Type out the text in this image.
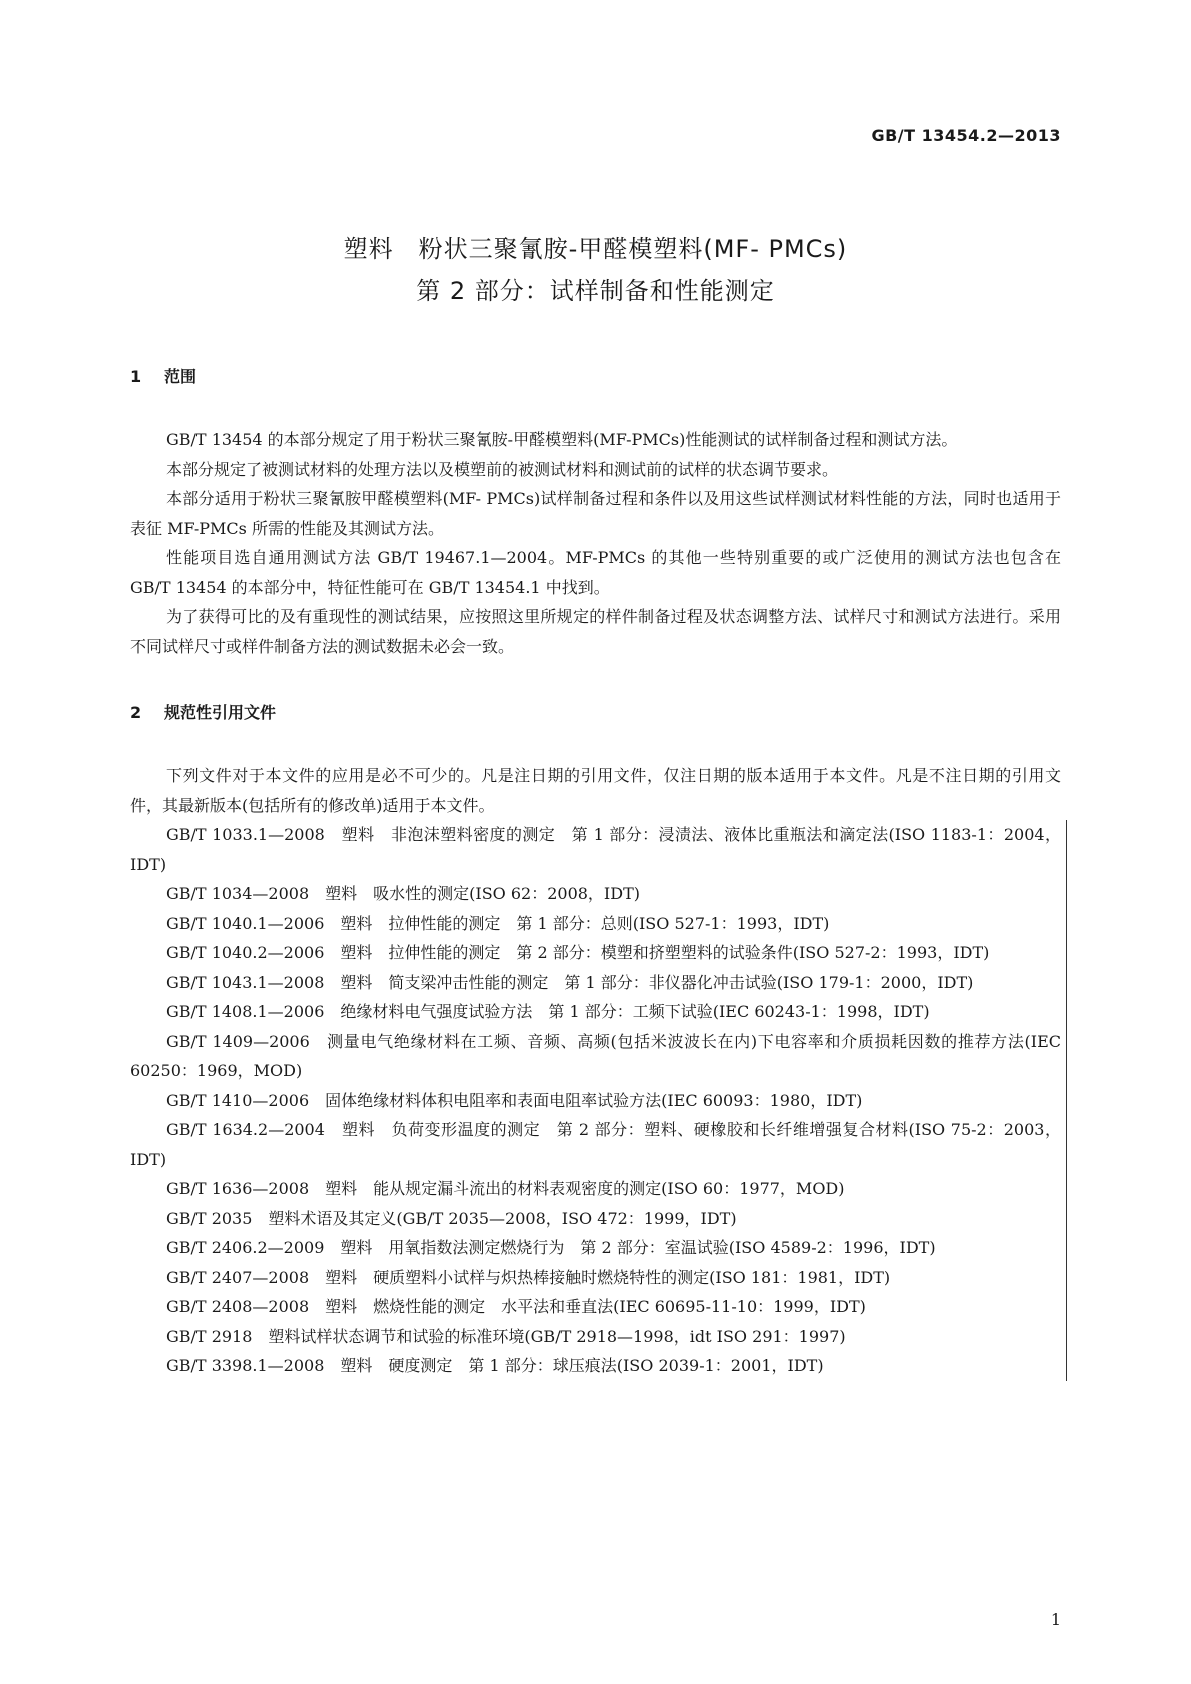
GB/T 13454.2—2013
塑料　粉状三聚氰胺-甲醛模塑料(MF- PMCs)
第 2 部分：试样制备和性能测定
1 范围

GB/T 13454 的本部分规定了用于粉状三聚氰胺-甲醛模塑料(MF-PMCs)性能测试的试样制备过程和测试方法。

本部分规定了被测试材料的处理方法以及模塑前的被测试材料和测试前的试样的状态调节要求。

本部分适用于粉状三聚氰胺甲醛模塑料(MF- PMCs)试样制备过程和条件以及用这些试样测试材料性能的方法，同时也适用于表征 MF-PMCs 所需的性能及其测试方法。

性能项目选自通用测试方法 GB/T 19467.1—2004。MF-PMCs 的其他一些特别重要的或广泛使用的测试方法也包含在 GB/T 13454 的本部分中，特征性能可在 GB/T 13454.1 中找到。

为了获得可比的及有重现性的测试结果，应按照这里所规定的样件制备过程及状态调整方法、试样尺寸和测试方法进行。采用不同试样尺寸或样件制备方法的测试数据未必会一致。

2 规范性引用文件

下列文件对于本文件的应用是必不可少的。凡是注日期的引用文件，仅注日期的版本适用于本文件。凡是不注日期的引用文件，其最新版本(包括所有的修改单)适用于本文件。

GB/T 1033.1—2008　塑料　非泡沫塑料密度的测定　第 1 部分：浸渍法、液体比重瓶法和滴定法(ISO 1183-1：2004，IDT)

GB/T 1034—2008　塑料　吸水性的测定(ISO 62：2008，IDT)

GB/T 1040.1—2006　塑料　拉伸性能的测定　第 1 部分：总则(ISO 527-1：1993，IDT)

GB/T 1040.2—2006　塑料　拉伸性能的测定　第 2 部分：模塑和挤塑塑料的试验条件(ISO 527-2：1993，IDT)

GB/T 1043.1—2008　塑料　简支梁冲击性能的测定　第 1 部分：非仪器化冲击试验(ISO 179-1：2000，IDT)

GB/T 1408.1—2006　绝缘材料电气强度试验方法　第 1 部分：工频下试验(IEC 60243-1：1998，IDT)

GB/T 1409—2006　测量电气绝缘材料在工频、音频、高频(包括米波波长在内)下电容率和介质损耗因数的推荐方法(IEC 60250：1969，MOD)

GB/T 1410—2006　固体绝缘材料体积电阻率和表面电阻率试验方法(IEC 60093：1980，IDT)

GB/T 1634.2—2004　塑料　负荷变形温度的测定　第 2 部分：塑料、硬橡胶和长纤维增强复合材料(ISO 75-2：2003，IDT)

GB/T 1636—2008　塑料　能从规定漏斗流出的材料表观密度的测定(ISO 60：1977，MOD)

GB/T 2035　塑料术语及其定义(GB/T 2035—2008，ISO 472：1999，IDT)

GB/T 2406.2—2009　塑料　用氧指数法测定燃烧行为　第 2 部分：室温试验(ISO 4589-2：1996，IDT)

GB/T 2407—2008　塑料　硬质塑料小试样与炽热棒接触时燃烧特性的测定(ISO 181：1981，IDT)

GB/T 2408—2008　塑料　燃烧性能的测定　水平法和垂直法(IEC 60695-11-10：1999，IDT)

GB/T 2918　塑料试样状态调节和试验的标准环境(GB/T 2918—1998，idt ISO 291：1997)

GB/T 3398.1—2008　塑料　硬度测定　第 1 部分：球压痕法(ISO 2039-1：2001，IDT)

1
